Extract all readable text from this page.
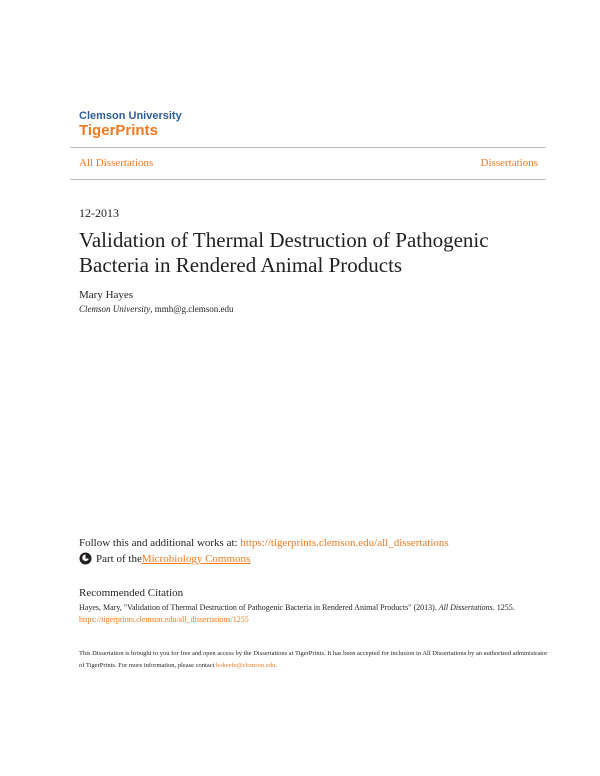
Clemson University
TigerPrints
All Dissertations	Dissertations
12-2013
Validation of Thermal Destruction of Pathogenic Bacteria in Rendered Animal Products
Mary Hayes
Clemson University, mmh@g.clemson.edu
Follow this and additional works at: https://tigerprints.clemson.edu/all_dissertations
Part of the Microbiology Commons
Recommended Citation
Hayes, Mary, "Validation of Thermal Destruction of Pathogenic Bacteria in Rendered Animal Products" (2013). All Dissertations. 1255.
https://tigerprints.clemson.edu/all_dissertations/1255
This Dissertation is brought to you for free and open access by the Dissertations at TigerPrints. It has been accepted for inclusion in All Dissertations by an authorized administrator of TigerPrints. For more information, please contact kokeefe@clemson.edu.
